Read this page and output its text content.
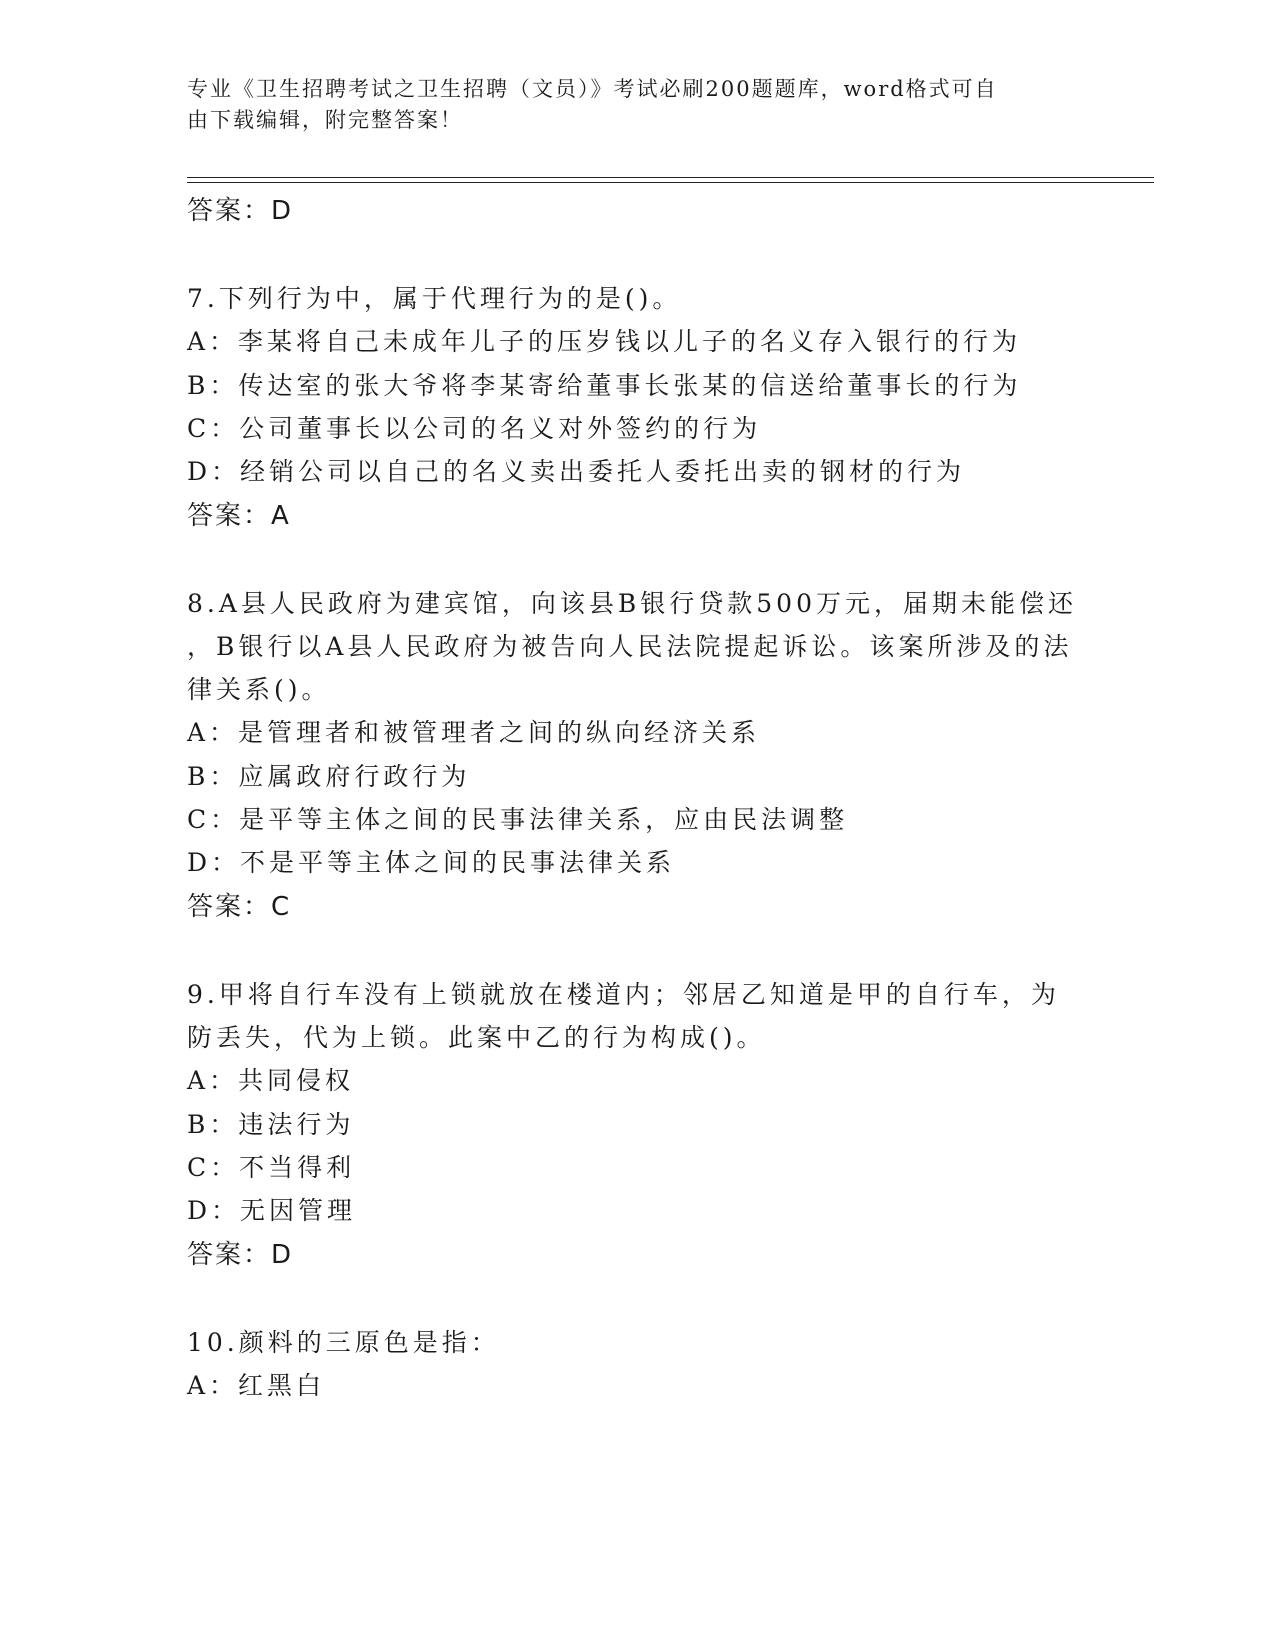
专业《卫生招聘考试之卫生招聘（文员）》考试必刷200题题库，word格式可自
由下载编辑，附完整答案！
答案：D
7.下列行为中，属于代理行为的是()。
A：李某将自己未成年儿子的压岁钱以儿子的名义存入银行的行为
B：传达室的张大爷将李某寄给董事长张某的信送给董事长的行为
C：公司董事长以公司的名义对外签约的行为
D：经销公司以自己的名义卖出委托人委托出卖的钢材的行为
答案：A
8.A县人民政府为建宾馆，向该县B银行贷款500万元，届期未能偿还
，B银行以A县人民政府为被告向人民法院提起诉讼。该案所涉及的法
律关系()。
A：是管理者和被管理者之间的纵向经济关系
B：应属政府行政行为
C：是平等主体之间的民事法律关系，应由民法调整
D：不是平等主体之间的民事法律关系
答案：C
9.甲将自行车没有上锁就放在楼道内；邻居乙知道是甲的自行车，为
防丢失，代为上锁。此案中乙的行为构成()。
A：共同侵权
B：违法行为
C：不当得利
D：无因管理
答案：D
10.颜料的三原色是指：
A：红黑白
